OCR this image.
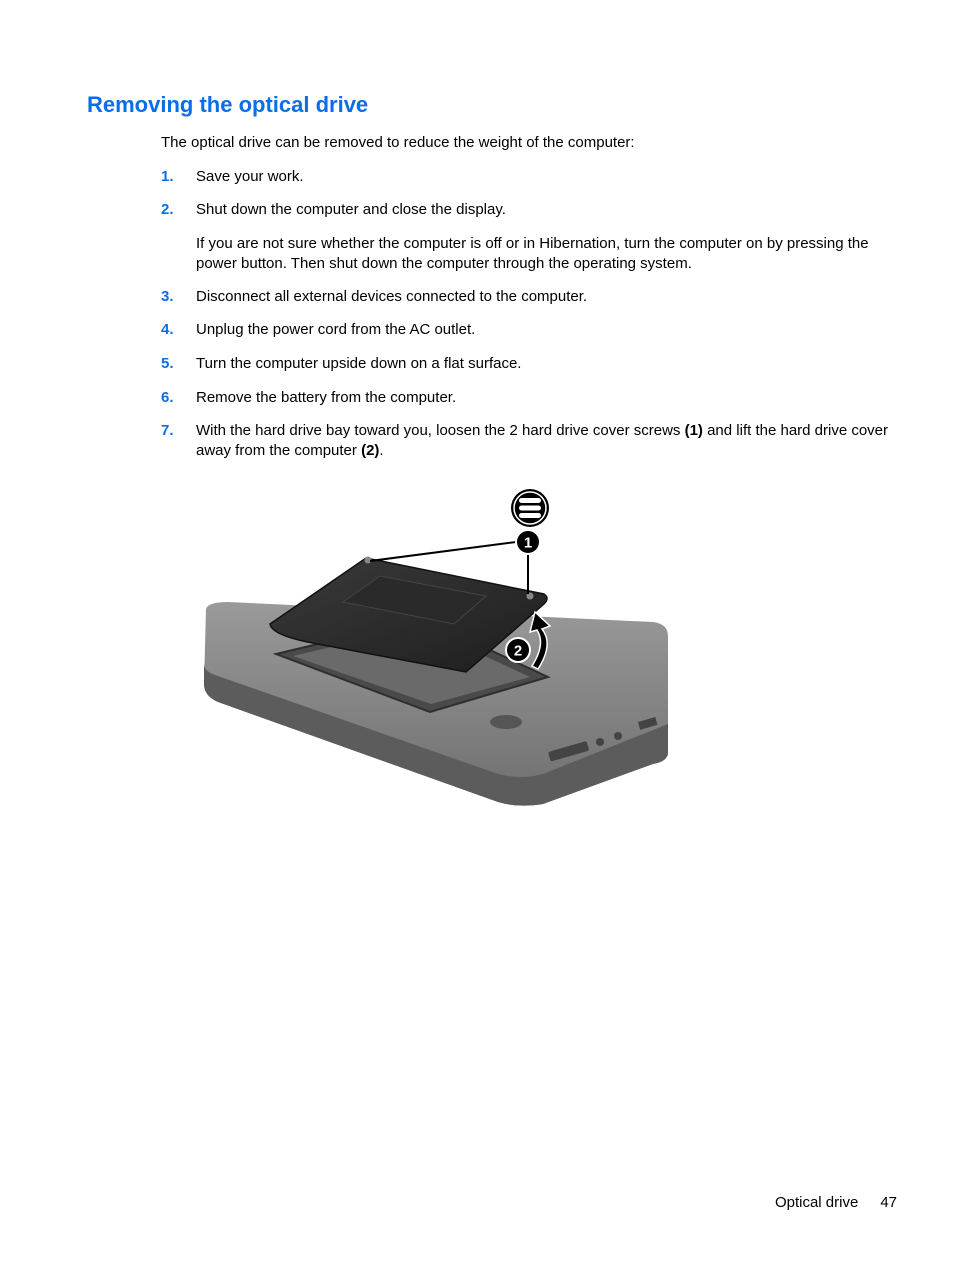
Removing the optical drive

The optical drive can be removed to reduce the weight of the computer:

1. Save your work.
2. Shut down the computer and close the display.

If you are not sure whether the computer is off or in Hibernation, turn the computer on by pressing the power button. Then shut down the computer through the operating system.

3. Disconnect all external devices connected to the computer.
4. Unplug the power cord from the AC outlet.
5. Turn the computer upside down on a flat surface.
6. Remove the battery from the computer.
7. With the hard drive bay toward you, loosen the 2 hard drive cover screws (1) and lift the hard drive cover away from the computer (2).
1
2
Optical drive 47
